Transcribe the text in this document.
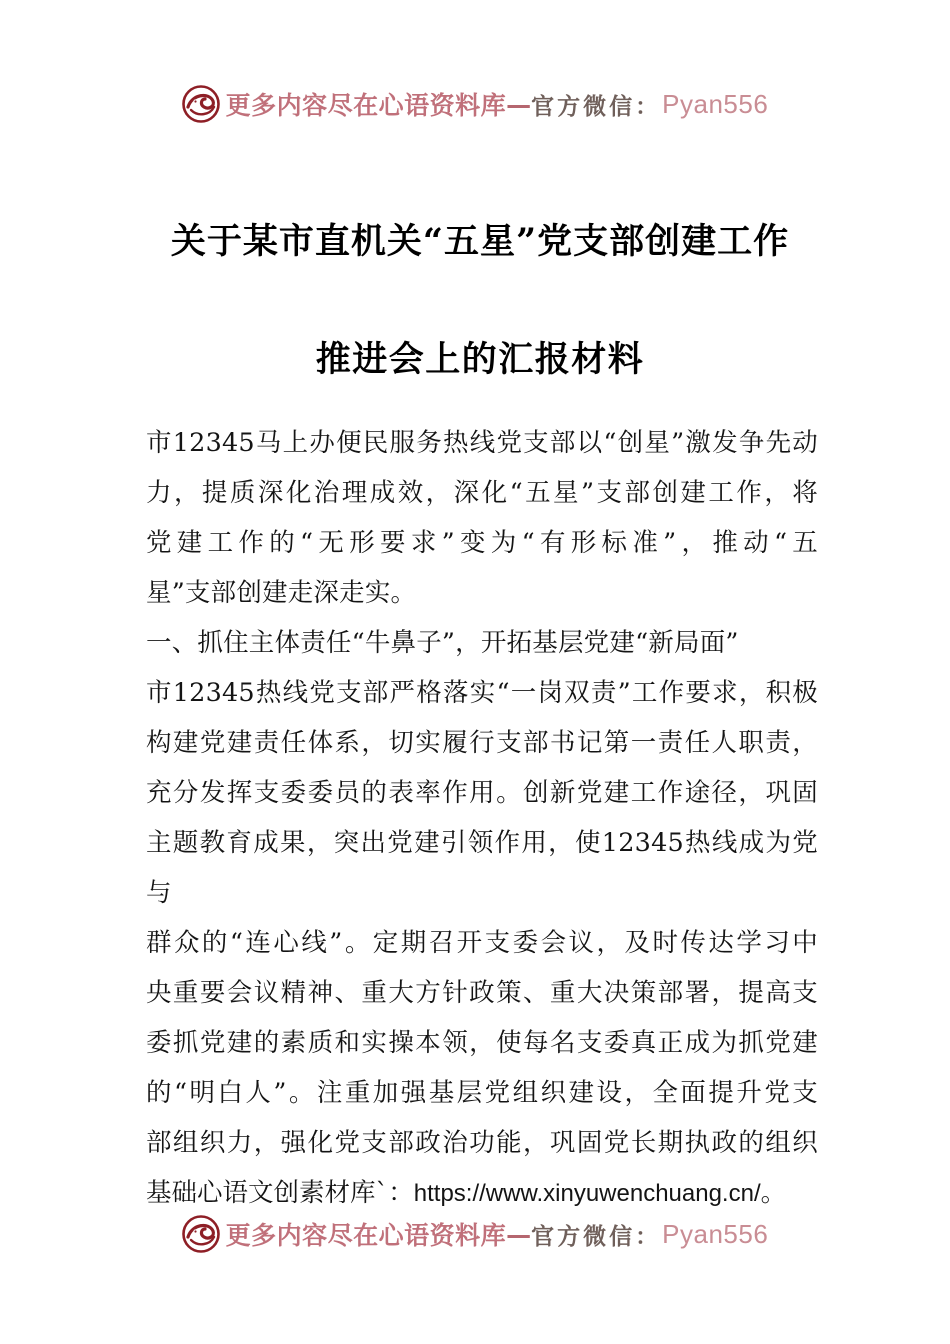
更多内容尽在心语资料库 — 官方微信 ： Pyan556
关于某市直机关“五星”党支部创建工作
推进会上的汇报材料
市12345马上办便民服务热线党支部以“创星”激发争先动
力，提质深化治理成效，深化“五星”支部创建工作，将
党建工作的“无形要求”变为“有形标准”，推动“五
星”支部创建走深走实。
一、抓住主体责任“牛鼻子”，开拓基层党建“新局面”
市12345热线党支部严格落实“一岗双责”工作要求，积极
构建党建责任体系，切实履行支部书记第一责任人职责，
充分发挥支委委员的表率作用。创新党建工作途径，巩固
主题教育成果，突出党建引领作用，使12345热线成为党与
群众的“连心线”。定期召开支委会议，及时传达学习中
央重要会议精神、重大方针政策、重大决策部署，提高支
委抓党建的素质和实操本领，使每名支委真正成为抓党建
的“明白人”。注重加强基层党组织建设，全面提升党支
部组织力，强化党支部政治功能，巩固党长期执政的组织
基础心语文创素材库`：https://www.xinyuwenchuang.cn/。
更多内容尽在心语资料库 — 官方微信 ： Pyan556
